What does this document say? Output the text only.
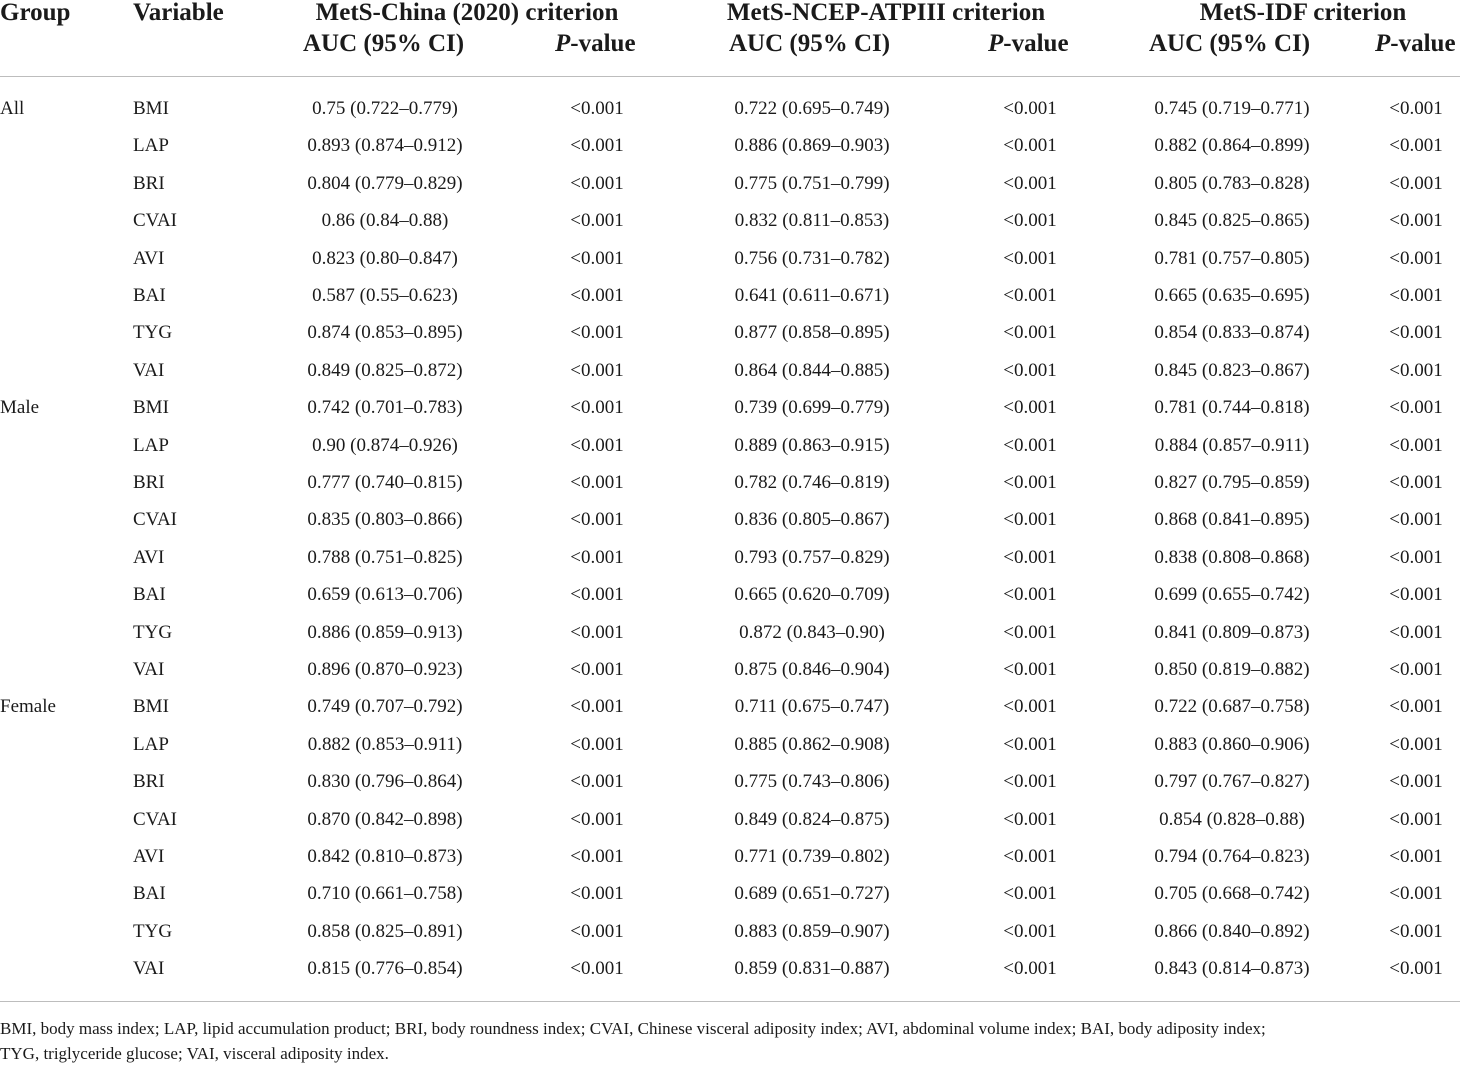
Group	Variable	MetS-China (2020) criterion
AUC (95% CI)	P-value
MetS-NCEP-ATPIII criterion
AUC (95% CI)	P-value
MetS-IDF criterion
AUC (95% CI)	P-value
All	BMI	0.75 (0.722–0.779)	<0.001	0.722 (0.695–0.749)	<0.001	0.745 (0.719–0.771)	<0.001
LAP	0.893 (0.874–0.912)	<0.001	0.886 (0.869–0.903)	<0.001	0.882 (0.864–0.899)	<0.001
BRI	0.804 (0.779–0.829)	<0.001	0.775 (0.751–0.799)	<0.001	0.805 (0.783–0.828)	<0.001
CVAI	0.86 (0.84–0.88)	<0.001	0.832 (0.811–0.853)	<0.001	0.845 (0.825–0.865)	<0.001
AVI	0.823 (0.80–0.847)	<0.001	0.756 (0.731–0.782)	<0.001	0.781 (0.757–0.805)	<0.001
BAI	0.587 (0.55–0.623)	<0.001	0.641 (0.611–0.671)	<0.001	0.665 (0.635–0.695)	<0.001
TYG	0.874 (0.853–0.895)	<0.001	0.877 (0.858–0.895)	<0.001	0.854 (0.833–0.874)	<0.001
VAI	0.849 (0.825–0.872)	<0.001	0.864 (0.844–0.885)	<0.001	0.845 (0.823–0.867)	<0.001
Male	BMI	0.742 (0.701–0.783)	<0.001	0.739 (0.699–0.779)	<0.001	0.781 (0.744–0.818)	<0.001
LAP	0.90 (0.874–0.926)	<0.001	0.889 (0.863–0.915)	<0.001	0.884 (0.857–0.911)	<0.001
BRI	0.777 (0.740–0.815)	<0.001	0.782 (0.746–0.819)	<0.001	0.827 (0.795–0.859)	<0.001
CVAI	0.835 (0.803–0.866)	<0.001	0.836 (0.805–0.867)	<0.001	0.868 (0.841–0.895)	<0.001
AVI	0.788 (0.751–0.825)	<0.001	0.793 (0.757–0.829)	<0.001	0.838 (0.808–0.868)	<0.001
BAI	0.659 (0.613–0.706)	<0.001	0.665 (0.620–0.709)	<0.001	0.699 (0.655–0.742)	<0.001
TYG	0.886 (0.859–0.913)	<0.001	0.872 (0.843–0.90)	<0.001	0.841 (0.809–0.873)	<0.001
VAI	0.896 (0.870–0.923)	<0.001	0.875 (0.846–0.904)	<0.001	0.850 (0.819–0.882)	<0.001
Female	BMI	0.749 (0.707–0.792)	<0.001	0.711 (0.675–0.747)	<0.001	0.722 (0.687–0.758)	<0.001
LAP	0.882 (0.853–0.911)	<0.001	0.885 (0.862–0.908)	<0.001	0.883 (0.860–0.906)	<0.001
BRI	0.830 (0.796–0.864)	<0.001	0.775 (0.743–0.806)	<0.001	0.797 (0.767–0.827)	<0.001
CVAI	0.870 (0.842–0.898)	<0.001	0.849 (0.824–0.875)	<0.001	0.854 (0.828–0.88)	<0.001
AVI	0.842 (0.810–0.873)	<0.001	0.771 (0.739–0.802)	<0.001	0.794 (0.764–0.823)	<0.001
BAI	0.710 (0.661–0.758)	<0.001	0.689 (0.651–0.727)	<0.001	0.705 (0.668–0.742)	<0.001
TYG	0.858 (0.825–0.891)	<0.001	0.883 (0.859–0.907)	<0.001	0.866 (0.840–0.892)	<0.001
VAI	0.815 (0.776–0.854)	<0.001	0.859 (0.831–0.887)	<0.001	0.843 (0.814–0.873)	<0.001
BMI, body mass index; LAP, lipid accumulation product; BRI, body roundness index; CVAI, Chinese visceral adiposity index; AVI, abdominal volume index; BAI, body adiposity index;
TYG, triglyceride glucose; VAI, visceral adiposity index.
